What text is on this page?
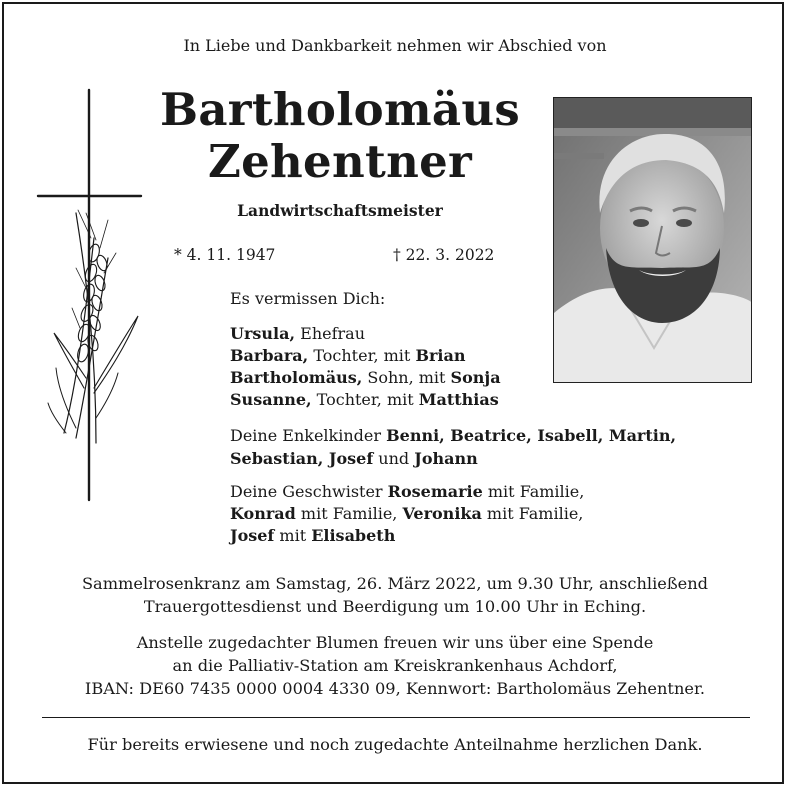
In Liebe und Dankbarkeit nehmen wir Abschied von
Bartholomäus
Zehentner
Landwirtschaftsmeister
* 4. 11. 1947	† 22. 3. 2022
Es vermissen Dich:
Ursula, Ehefrau
Barbara, Tochter, mit Brian
Bartholomäus, Sohn, mit Sonja
Susanne, Tochter, mit Matthias
Deine Enkelkinder Benni, Beatrice, Isabell, Martin,
Sebastian, Josef und Johann
Deine Geschwister Rosemarie mit Familie,
Konrad mit Familie, Veronika mit Familie,
Josef mit Elisabeth
Sammelrosenkranz am Samstag, 26. März 2022, um 9.30 Uhr, anschließend
Trauergottesdienst und Beerdigung um 10.00 Uhr in Eching.
Anstelle zugedachter Blumen freuen wir uns über eine Spende
an die Palliativ-Station am Kreiskrankenhaus Achdorf,
IBAN: DE60 7435 0000 0004 4330 09, Kennwort: Bartholomäus Zehentner.
Für bereits erwiesene und noch zugedachte Anteilnahme herzlichen Dank.
